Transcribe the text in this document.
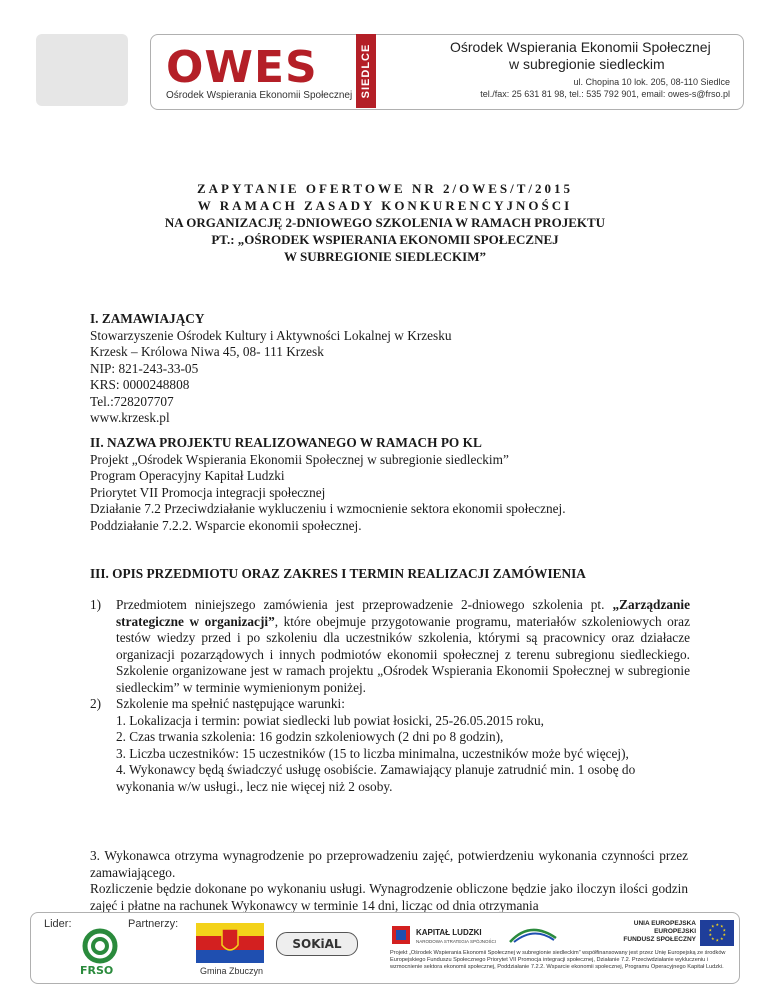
OWES
Ośrodek Wspierania Ekonomii Społecznej SIEDLCE	Ośrodek Wspierania Ekonomii Społecznej
w subregionie siedleckim
ul. Chopina 10 lok. 205, 08-110 Siedlce
tel./fax: 25 631 81 98, tel.: 535 792 901, email: owes-s@frso.pl
ZAPYTANIE OFERTOWE NR 2/OWES/T/2015
W RAMACH ZASADY KONKURENCYJNOŚCI
NA ORGANIZACJĘ 2-DNIOWEGO SZKOLENIA W RAMACH PROJEKTU
PT.: „OŚRODEK WSPIERANIA EKONOMII SPOŁECZNEJ
W SUBREGIONIE SIEDLECKIM”
I. ZAMAWIAJĄCY
Stowarzyszenie Ośrodek Kultury i Aktywności Lokalnej w Krzesku
Krzesk – Królowa Niwa 45, 08- 111 Krzesk
NIP: 821-243-33-05
KRS: 0000248808
Tel.:728207707
www.krzesk.pl
II. NAZWA PROJEKTU REALIZOWANEGO W RAMACH PO KL
Projekt „Ośrodek Wspierania Ekonomii Społecznej w subregionie siedleckim”
Program Operacyjny Kapitał Ludzki
Priorytet VII Promocja integracji społecznej
Działanie 7.2 Przeciwdziałanie wykluczeniu i wzmocnienie sektora ekonomii społecznej.
Poddziałanie 7.2.2. Wsparcie ekonomii społecznej.
III. OPIS PRZEDMIOTU ORAZ ZAKRES I TERMIN REALIZACJI ZAMÓWIENIA
1) Przedmiotem niniejszego zamówienia jest przeprowadzenie 2-dniowego szkolenia pt. „Zarządzanie strategiczne w organizacji”, które obejmuje przygotowanie programu, materiałów szkoleniowych oraz testów wiedzy przed i po szkoleniu dla uczestników szkolenia, którymi są pracownicy oraz działacze organizacji pozarządowych i innych podmiotów ekonomii społecznej z terenu subregionu siedleckiego. Szkolenie organizowane jest w ramach projektu „Ośrodek Wspierania Ekonomii Społecznej w subregionie siedleckim” w terminie wymienionym poniżej.
2) Szkolenie ma spełnić następujące warunki:
1. Lokalizacja i termin: powiat siedlecki lub powiat łosicki, 25-26.05.2015 roku,
2. Czas trwania szkolenia: 16 godzin szkoleniowych (2 dni po 8 godzin),
3. Liczba uczestników: 15 uczestników (15 to liczba minimalna, uczestników może być więcej),
4. Wykonawcy będą świadczyć usługę osobiście. Zamawiający planuje zatrudnić min. 1 osobę do wykonania w/w usługi., lecz nie więcej niż 2 osoby.
3. Wykonawca otrzyma wynagrodzenie po przeprowadzeniu zajęć, potwierdzeniu wykonania czynności przez zamawiającego.
Rozliczenie będzie dokonane po wykonaniu usługi. Wynagrodzenie obliczone będzie jako iloczyn ilości godzin zajęć i płatne na rachunek Wykonawcy w terminie 14 dni, licząc od dnia otrzymania
Lider:	Partnerzy:
FRSO	Gmina Zbuczyn
SOKiAL
KAPITAŁ LUDZKI
NARODOWA STRATEGIA SPÓJNOŚCI
UNIA EUROPEJSKA
EUROPEJSKI
FUNDUSZ SPOŁECZNY
★ ★
★
★
★
★
★
★
★
★
Projekt „Ośrodek Wspierania Ekonomii Społecznej w subregionie siedleckim” współfinansowany jest przez Unię Europejską ze środków Europejskiego Funduszu Społecznego Priorytet VII Promocja integracji społecznej, Działanie 7.2. Przeciwdziałanie wykluczeniu i wzmocnienie sektora ekonomii społecznej, Poddziałanie 7.2.2. Wsparcie ekonomii społecznej, Programu Operacyjnego Kapitał Ludzki.
